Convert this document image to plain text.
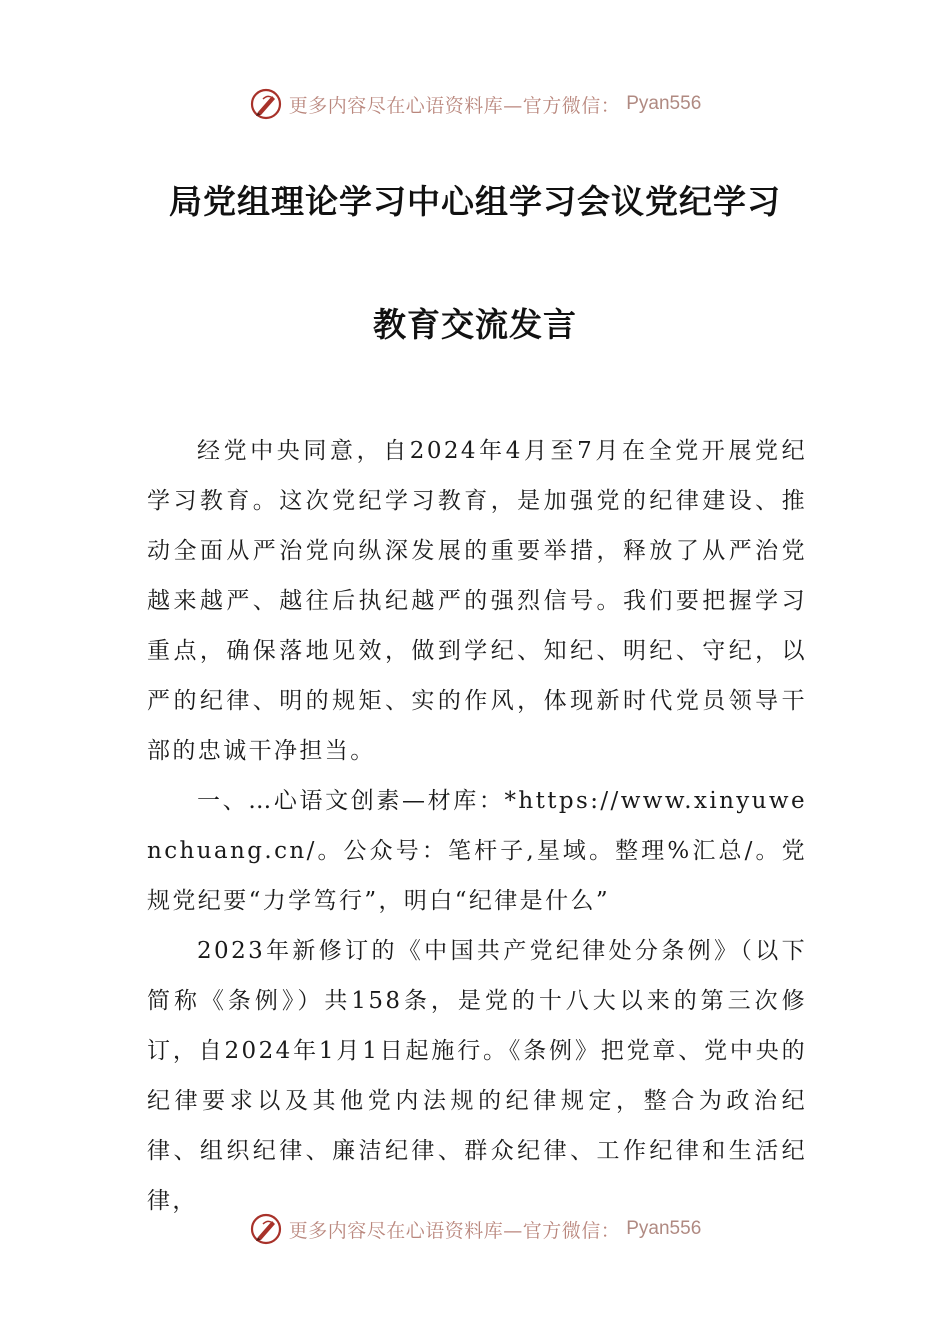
更多内容尽在心语资料库—官方微信： Pyan556
局党组理论学习中心组学习会议党纪学习
教育交流发言

经党中央同意，自2024年4月至7月在全党开展党纪学习教育。这次党纪学习教育，是加强党的纪律建设、推动全面从严治党向纵深发展的重要举措，释放了从严治党越来越严、越往后执纪越严的强烈信号。我们要把握学习重点，确保落地见效，做到学纪、知纪、明纪、守纪，以严的纪律、明的规矩、实的作风，体现新时代党员领导干部的忠诚干净担当。

一、…心语文创素—材库：*https://www.xinyuwenchuang.cn/。公众号：笔杆子,星域。整理%汇总/。党规党纪要“力学笃行”，明白“纪律是什么”

2023年新修订的《中国共产党纪律处分条例》（以下简称《条例》）共158条，是党的十八大以来的第三次修订，自2024年1月1日起施行。《条例》把党章、党中央的纪律要求以及其他党内法规的纪律规定，整合为政治纪律、组织纪律、廉洁纪律、群众纪律、工作纪律和生活纪律，

更多内容尽在心语资料库—官方微信： Pyan556
